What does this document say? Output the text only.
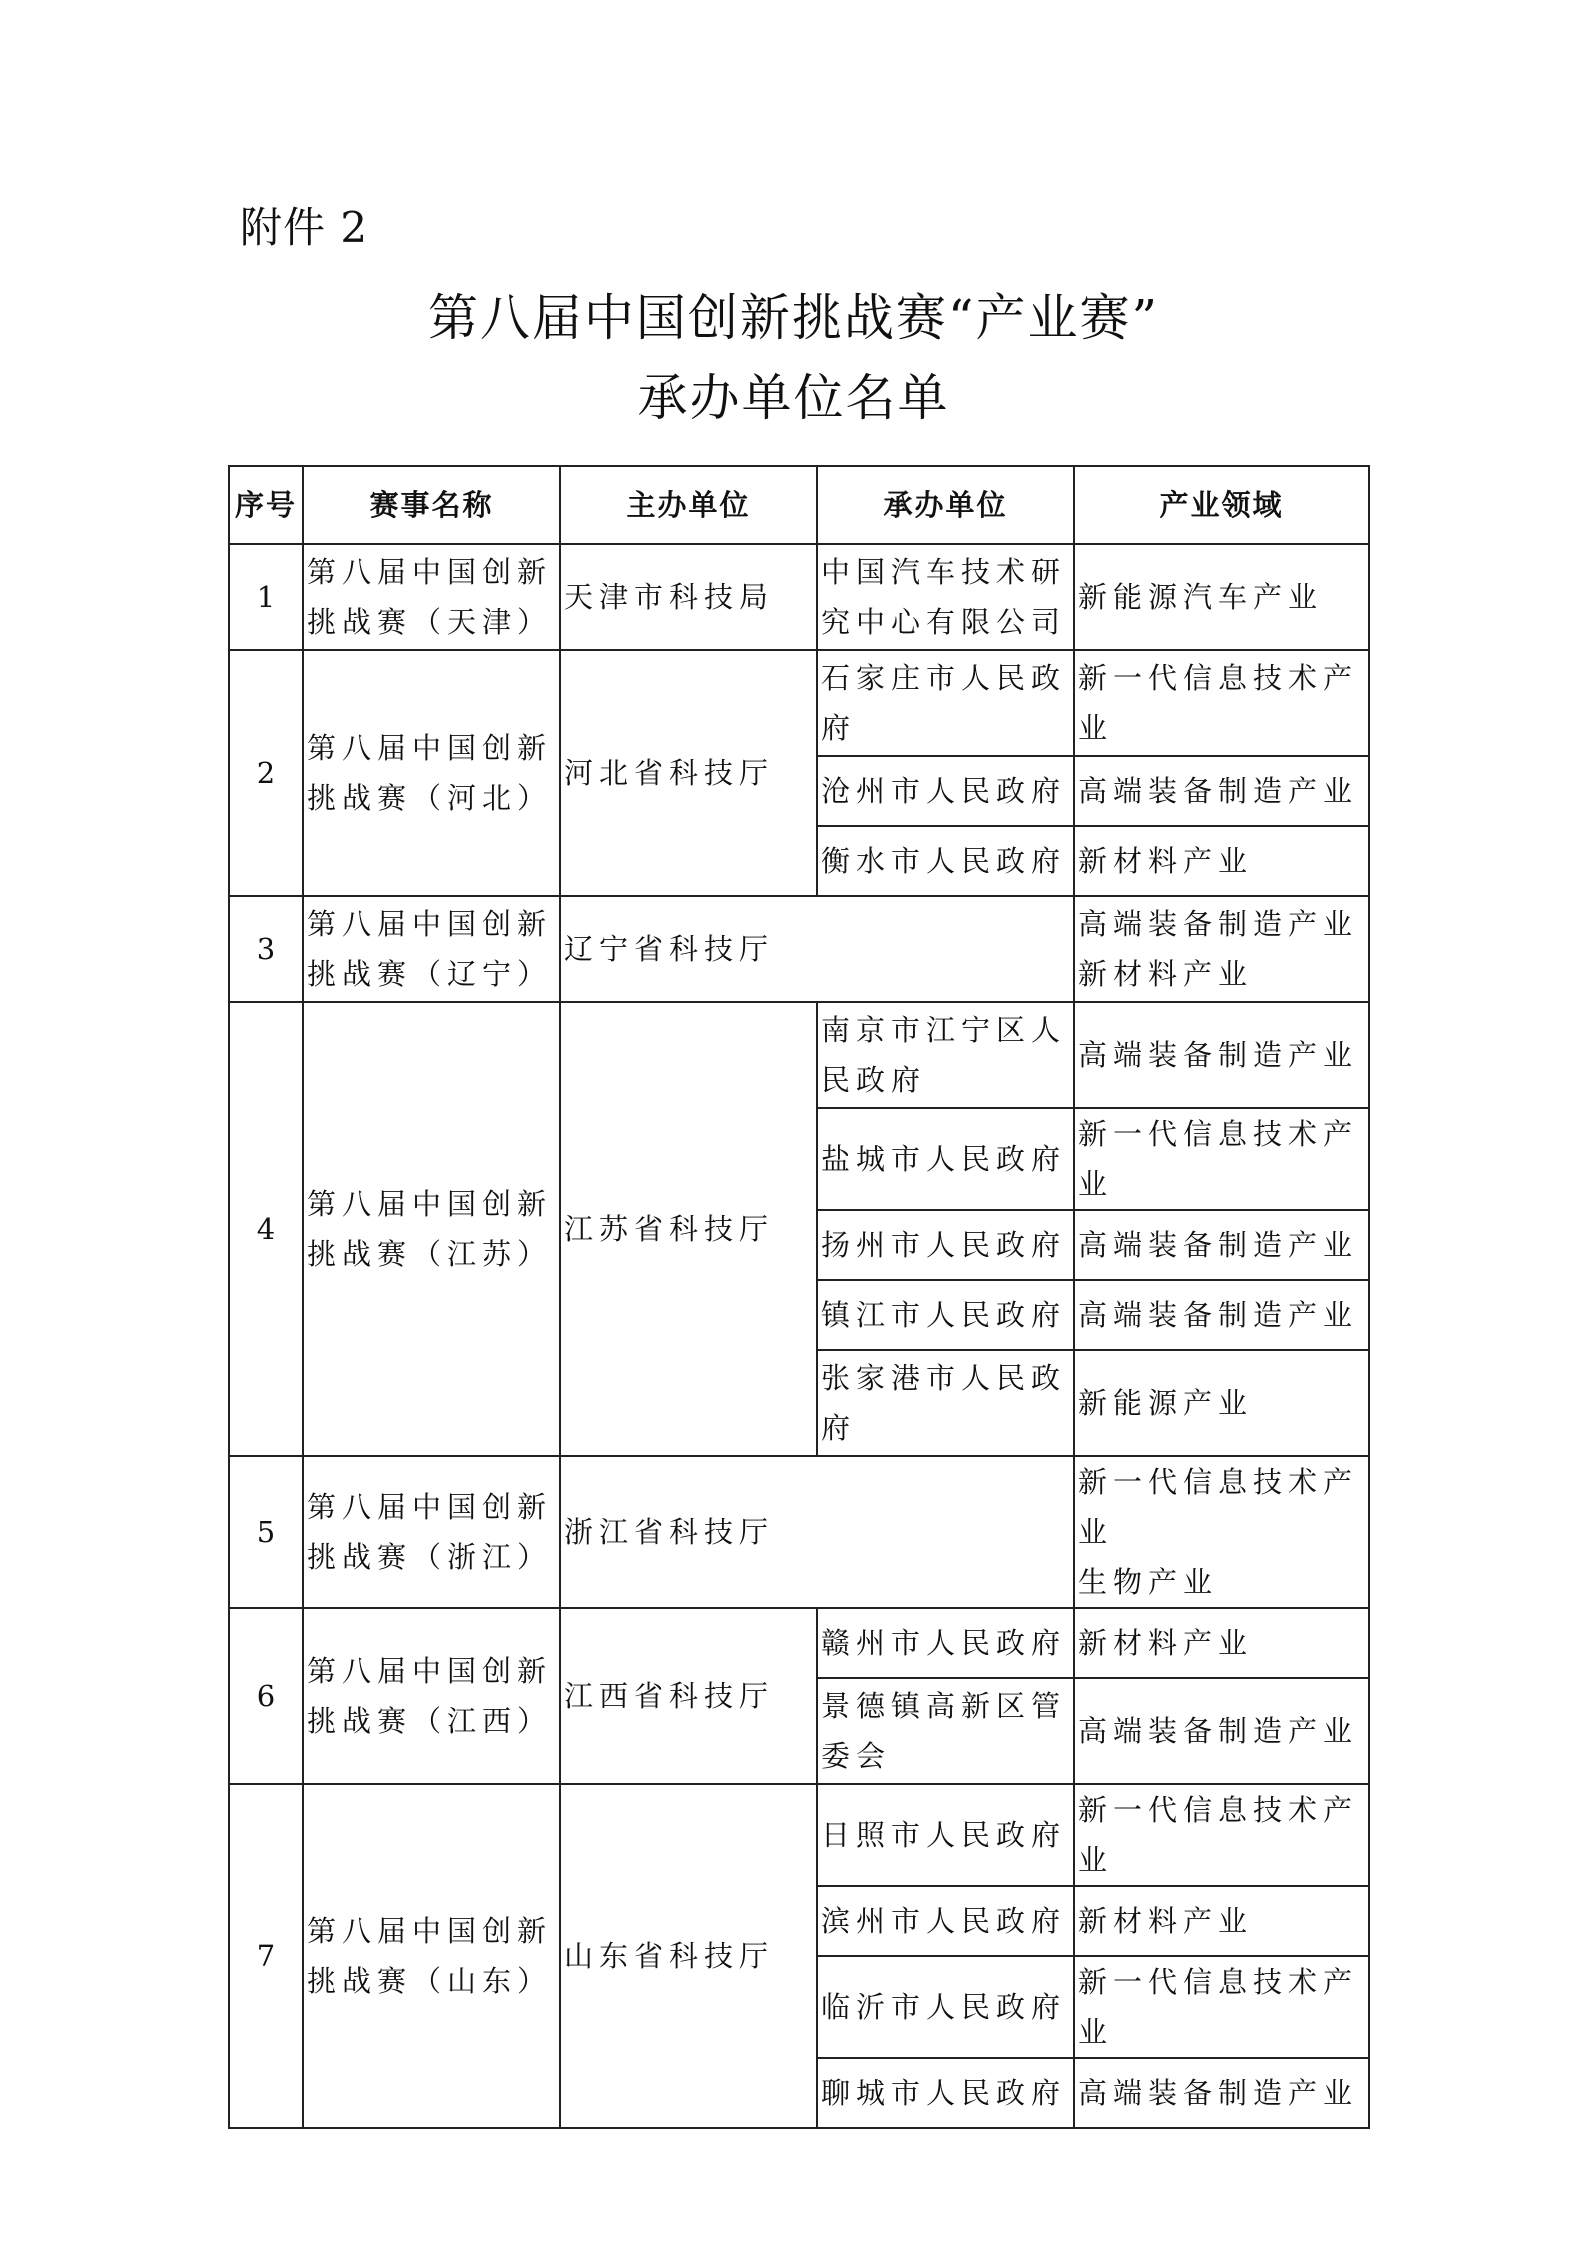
附件 2
第八届中国创新挑战赛“产业赛”
承办单位名单
序号	赛事名称	主办单位	承办单位	产业领域
1	第八届中国创新挑战赛（天津）	天津市科技局	中国汽车技术研究中心有限公司	新能源汽车产业
2	第八届中国创新挑战赛（河北）	河北省科技厅	石家庄市人民政府	新一代信息技术产业
			沧州市人民政府	高端装备制造产业
			衡水市人民政府	新材料产业
3	第八届中国创新挑战赛（辽宁）	辽宁省科技厅		高端装备制造产业
新材料产业

4	第八届中国创新挑战赛（江苏）	江苏省科技厅	南京市江宁区人民政府	高端装备制造产业
			盐城市人民政府	新一代信息技术产业
			扬州市人民政府	高端装备制造产业
			镇江市人民政府	高端装备制造产业
			张家港市人民政府	新能源产业
5	第八届中国创新挑战赛（浙江）	浙江省科技厅		新一代信息技术产业
生物产业

6	第八届中国创新挑战赛（江西）	江西省科技厅	赣州市人民政府	新材料产业
			景德镇高新区管委会	高端装备制造产业
7	第八届中国创新挑战赛（山东）	山东省科技厅	日照市人民政府	新一代信息技术产业
			滨州市人民政府	新材料产业
			临沂市人民政府	新一代信息技术产业
			聊城市人民政府	高端装备制造产业
